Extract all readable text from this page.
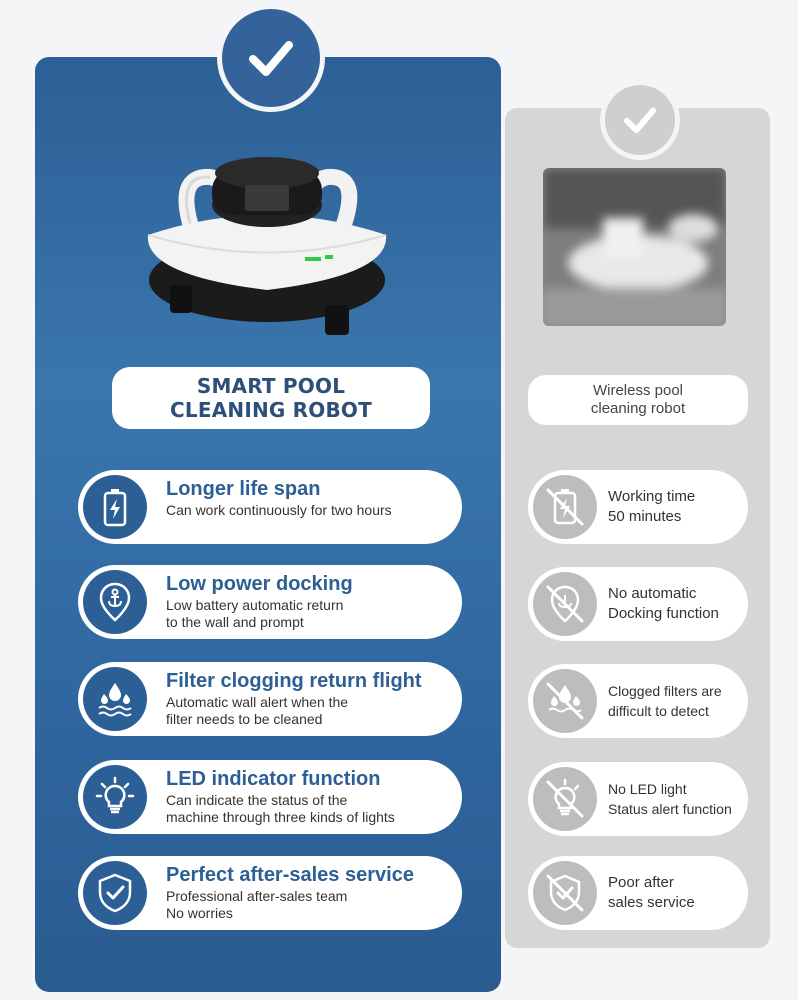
SMART POOL
CLEANING ROBOT
Wireless pool
cleaning robot
Longer life span
Can work continuously for two hours
Low power docking
Low battery automatic return
to the wall and prompt
Filter clogging return flight
Automatic wall alert when the
filter needs to be cleaned
LED indicator function
Can indicate the status of the
machine through three kinds of lights
Perfect after-sales service
Professional after-sales team
No worries
Working time
50 minutes
No automatic
Docking function
Clogged filters are
difficult to detect
No LED light
Status alert function
Poor after
sales service
